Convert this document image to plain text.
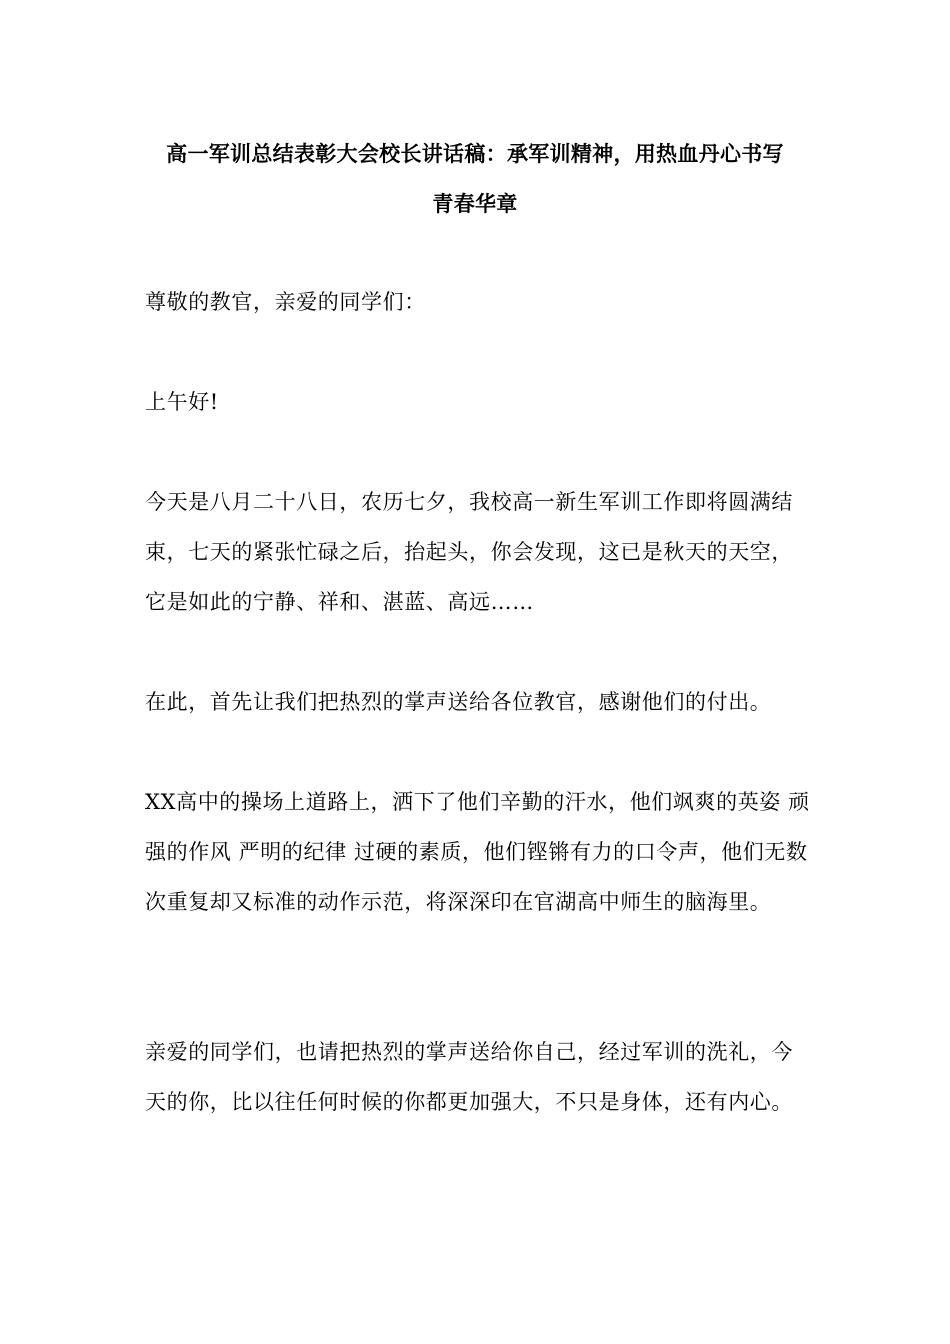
高一军训总结表彰大会校长讲话稿：承军训精神，用热血丹心书写
青春华章
尊敬的教官，亲爱的同学们：
上午好!
今天是八月二十八日，农历七夕，我校高一新生军训工作即将圆满结束，七天的紧张忙碌之后，抬起头，你会发现，这已是秋天的天空，它是如此的宁静、祥和、湛蓝、高远……
在此，首先让我们把热烈的掌声送给各位教官，感谢他们的付出。
XX高中的操场上道路上，洒下了他们辛勤的汗水，他们飒爽的英姿 顽强的作风 严明的纪律 过硬的素质，他们铿锵有力的口令声，他们无数次重复却又标准的动作示范，将深深印在官湖高中师生的脑海里。
亲爱的同学们，也请把热烈的掌声送给你自己，经过军训的洗礼，今天的你，比以往任何时候的你都更加强大，不只是身体，还有内心。
